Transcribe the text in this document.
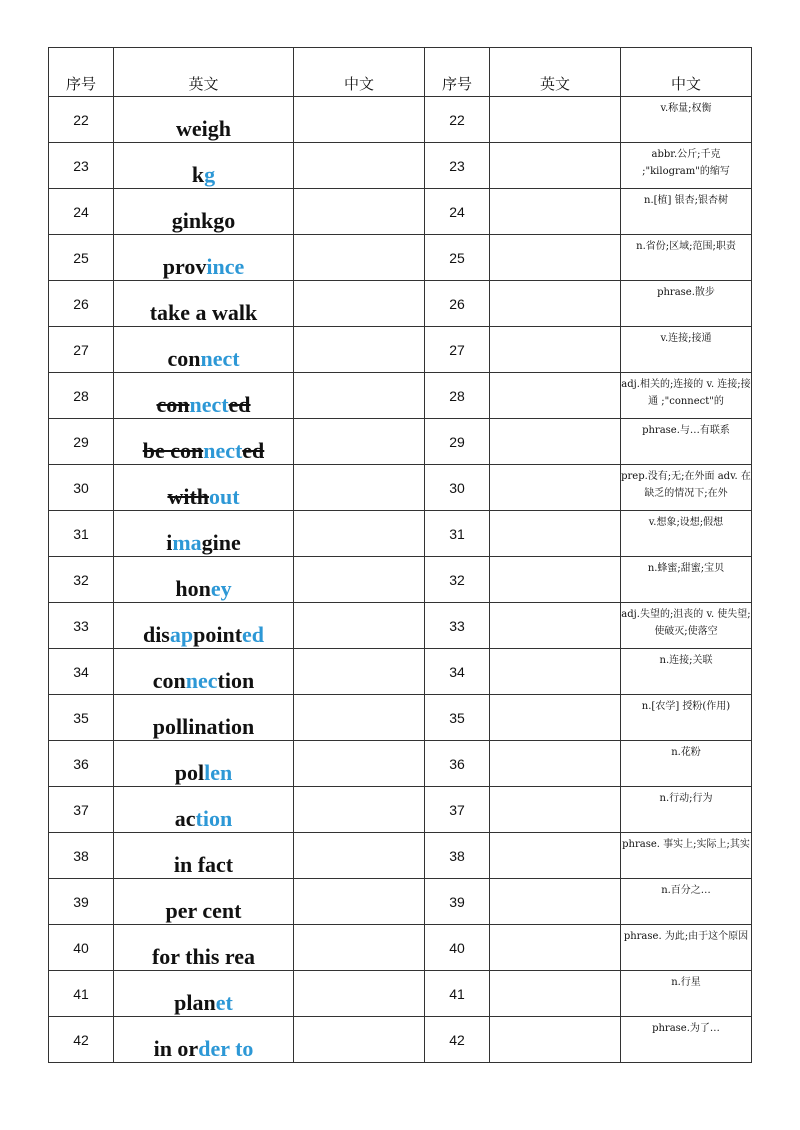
序号	英文	中文	序号	英文	中文
22	weigh		22		v.称量;权衡

23	kg		23		abbr.公斤;千克 ;"kilogram"的缩写

24	ginkgo		24		n.[植] 银杏;银杏树

25	province		25		n.省份;区域;范围;职责

26	take a walk		26		phrase.散步

27	connect		27		v.连接;接通

28	connected		28		adj.相关的;连接的 v. 连接;接通 ;"connect"的

29	be connected		29		phrase.与…有联系

30	without		30		prep.没有;无;在外面 adv. 在缺乏的情况下;在外

31	imagine		31		v.想象;设想;假想

32	honey		32		n.蜂蜜;甜蜜;宝贝

33	disappointed		33		adj.失望的;沮丧的 v. 使失望;使破灭;使落空

34	connection		34		n.连接;关联

35	pollination		35		n.[农学] 授粉(作用)

36	pollen		36		n.花粉

37	action		37		n.行动;行为

38	in fact		38		phrase. 事实上;实际上;其实

39	per cent		39		n.百分之…

40	for this rea		40		phrase. 为此;由于这个原因

41	planet		41		n.行星

42	in order to		42		phrase.为了…
